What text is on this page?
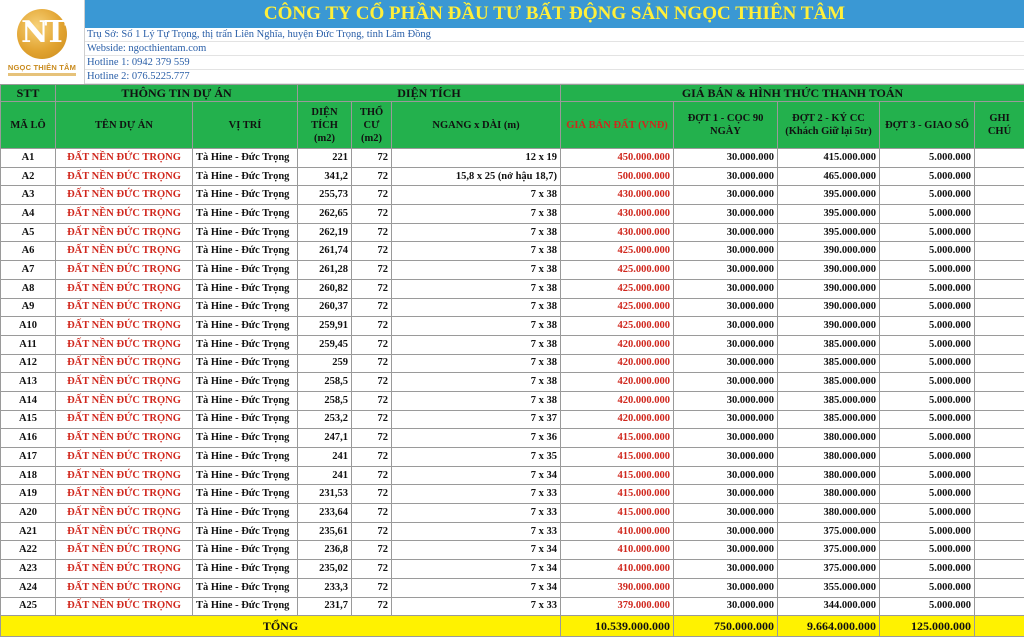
NT
NGỌC THIÊN TÂM
CÔNG TY CỔ PHẦN ĐẦU TƯ BẤT ĐỘNG SẢN NGỌC THIÊN TÂM
Trụ Sở: Số 1 Lý Tự Trọng, thị trấn Liên Nghĩa, huyện Đức Trọng, tỉnh Lâm Đồng
Webside: ngocthientam.com
Hotline 1: 0942 379 559
Hotline 2: 076.5225.777
STT	THÔNG TIN DỰ ÁN		DIỆN TÍCH			GIÁ BÁN & HÌNH THỨC THANH TOÁN				
MÃ LÔ	TÊN DỰ ÁN	VỊ TRÍ	DIỆN TÍCH (m2)	THỔ CƯ (m2)	NGANG x DÀI (m)	GIÁ BÁN ĐẤT (VNĐ)	ĐỢT 1 - CỌC 90 NGÀY	ĐỢT 2 - KÝ CC (Khách Giữ lại 5tr)	ĐỢT 3 - GIAO SỔ	GHI CHÚ
A1	ĐẤT NỀN ĐỨC TRỌNG	Tà Hine - Đức Trọng	221	72	12 x 19	450.000.000	30.000.000	415.000.000	5.000.000	
A2	ĐẤT NỀN ĐỨC TRỌNG	Tà Hine - Đức Trọng	341,2	72	15,8 x 25 (nở hậu 18,7)	500.000.000	30.000.000	465.000.000	5.000.000	
A3	ĐẤT NỀN ĐỨC TRỌNG	Tà Hine - Đức Trọng	255,73	72	7 x 38	430.000.000	30.000.000	395.000.000	5.000.000	
A4	ĐẤT NỀN ĐỨC TRỌNG	Tà Hine - Đức Trọng	262,65	72	7 x 38	430.000.000	30.000.000	395.000.000	5.000.000	
A5	ĐẤT NỀN ĐỨC TRỌNG	Tà Hine - Đức Trọng	262,19	72	7 x 38	430.000.000	30.000.000	395.000.000	5.000.000	
A6	ĐẤT NỀN ĐỨC TRỌNG	Tà Hine - Đức Trọng	261,74	72	7 x 38	425.000.000	30.000.000	390.000.000	5.000.000	
A7	ĐẤT NỀN ĐỨC TRỌNG	Tà Hine - Đức Trọng	261,28	72	7 x 38	425.000.000	30.000.000	390.000.000	5.000.000	
A8	ĐẤT NỀN ĐỨC TRỌNG	Tà Hine - Đức Trọng	260,82	72	7 x 38	425.000.000	30.000.000	390.000.000	5.000.000	
A9	ĐẤT NỀN ĐỨC TRỌNG	Tà Hine - Đức Trọng	260,37	72	7 x 38	425.000.000	30.000.000	390.000.000	5.000.000	
A10	ĐẤT NỀN ĐỨC TRỌNG	Tà Hine - Đức Trọng	259,91	72	7 x 38	425.000.000	30.000.000	390.000.000	5.000.000	
A11	ĐẤT NỀN ĐỨC TRỌNG	Tà Hine - Đức Trọng	259,45	72	7 x 38	420.000.000	30.000.000	385.000.000	5.000.000	
A12	ĐẤT NỀN ĐỨC TRỌNG	Tà Hine - Đức Trọng	259	72	7 x 38	420.000.000	30.000.000	385.000.000	5.000.000	
A13	ĐẤT NỀN ĐỨC TRỌNG	Tà Hine - Đức Trọng	258,5	72	7 x 38	420.000.000	30.000.000	385.000.000	5.000.000	
A14	ĐẤT NỀN ĐỨC TRỌNG	Tà Hine - Đức Trọng	258,5	72	7 x 38	420.000.000	30.000.000	385.000.000	5.000.000	
A15	ĐẤT NỀN ĐỨC TRỌNG	Tà Hine - Đức Trọng	253,2	72	7 x 37	420.000.000	30.000.000	385.000.000	5.000.000	
A16	ĐẤT NỀN ĐỨC TRỌNG	Tà Hine - Đức Trọng	247,1	72	7 x 36	415.000.000	30.000.000	380.000.000	5.000.000	
A17	ĐẤT NỀN ĐỨC TRỌNG	Tà Hine - Đức Trọng	241	72	7 x 35	415.000.000	30.000.000	380.000.000	5.000.000	
A18	ĐẤT NỀN ĐỨC TRỌNG	Tà Hine - Đức Trọng	241	72	7 x 34	415.000.000	30.000.000	380.000.000	5.000.000	
A19	ĐẤT NỀN ĐỨC TRỌNG	Tà Hine - Đức Trọng	231,53	72	7 x 33	415.000.000	30.000.000	380.000.000	5.000.000	
A20	ĐẤT NỀN ĐỨC TRỌNG	Tà Hine - Đức Trọng	233,64	72	7 x 33	415.000.000	30.000.000	380.000.000	5.000.000	
A21	ĐẤT NỀN ĐỨC TRỌNG	Tà Hine - Đức Trọng	235,61	72	7 x 33	410.000.000	30.000.000	375.000.000	5.000.000	
A22	ĐẤT NỀN ĐỨC TRỌNG	Tà Hine - Đức Trọng	236,8	72	7 x 34	410.000.000	30.000.000	375.000.000	5.000.000	
A23	ĐẤT NỀN ĐỨC TRỌNG	Tà Hine - Đức Trọng	235,02	72	7 x 34	410.000.000	30.000.000	375.000.000	5.000.000	
A24	ĐẤT NỀN ĐỨC TRỌNG	Tà Hine - Đức Trọng	233,3	72	7 x 34	390.000.000	30.000.000	355.000.000	5.000.000	
A25	ĐẤT NỀN ĐỨC TRỌNG	Tà Hine - Đức Trọng	231,7	72	7 x 33	379.000.000	30.000.000	344.000.000	5.000.000	
TỔNG						10.539.000.000	750.000.000	9.664.000.000	125.000.000	
